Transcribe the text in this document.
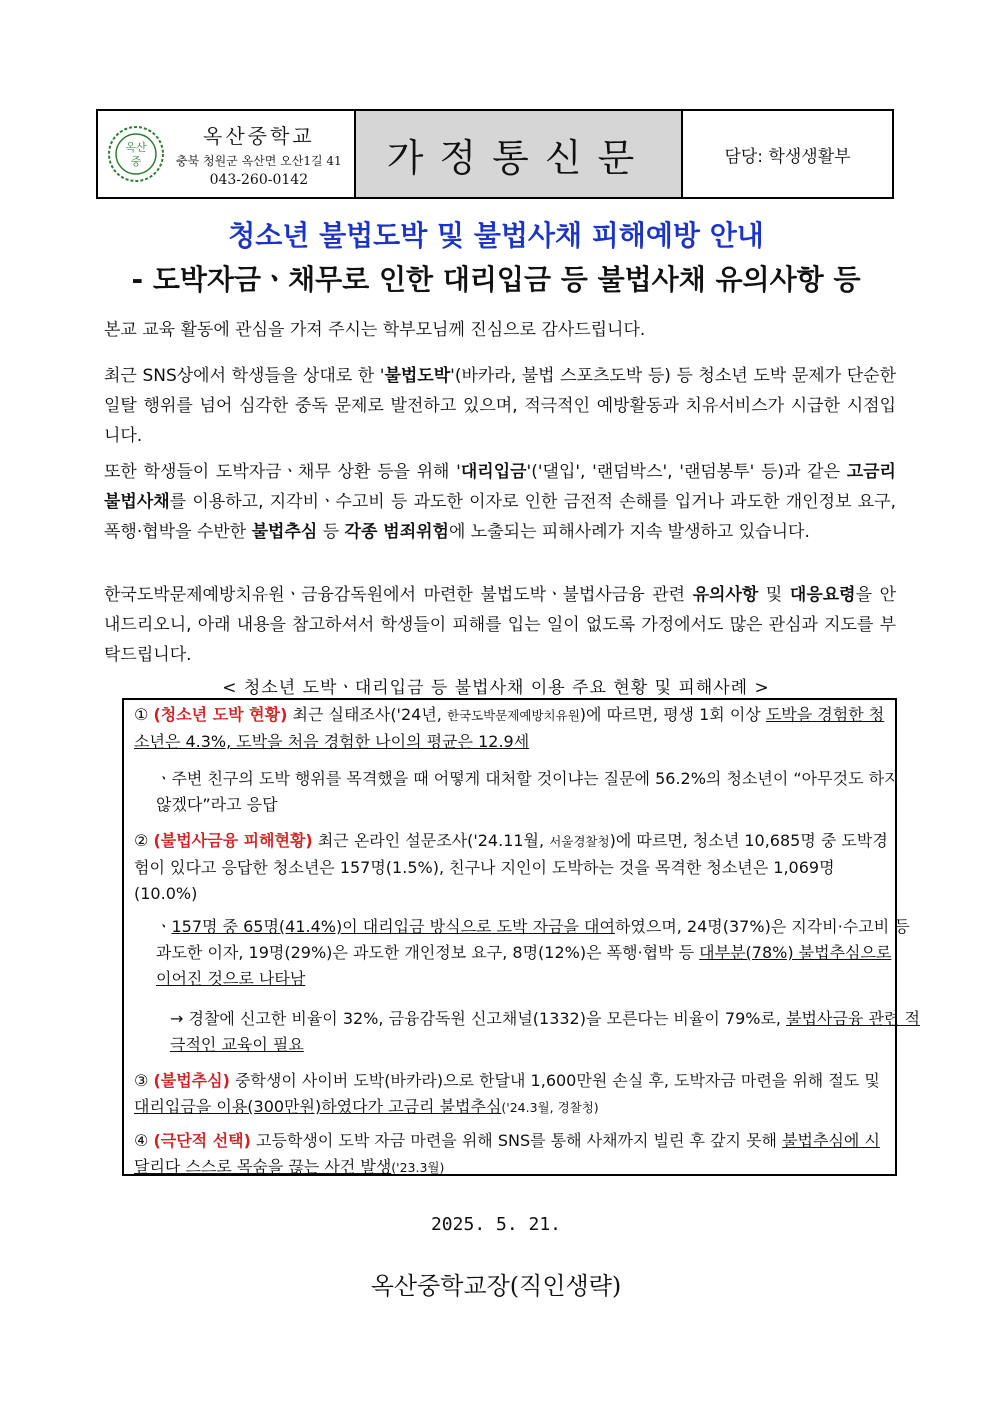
옥산
중
옥산중학교
충북 청원군 옥산면 오산1길 41
043-260-0142
가정통신문	담당: 학생생활부
청소년 불법도박 및 불법사채 피해예방 안내
- 도박자금ㆍ채무로 인한 대리입금 등 불법사채 유의사항 등
본교 교육 활동에 관심을 가져 주시는 학부모님께 진심으로 감사드립니다.
최근 SNS상에서 학생들을 상대로 한 '불법도박'(바카라, 불법 스포츠도박 등) 등 청소년 도박 문제가 단순한 일탈 행위를 넘어 심각한 중독 문제로 발전하고 있으며, 적극적인 예방활동과 치유서비스가 시급한 시점입니다.
또한 학생들이 도박자금ㆍ채무 상환 등을 위해 '대리입금'('댈입', '랜덤박스', '랜덤봉투' 등)과 같은 고금리 불법사채를 이용하고, 지각비ㆍ수고비 등 과도한 이자로 인한 금전적 손해를 입거나 과도한 개인정보 요구, 폭행·협박을 수반한 불법추심 등 각종 범죄위험에 노출되는 피해사례가 지속 발생하고 있습니다.
한국도박문제예방치유원ㆍ금융감독원에서 마련한 불법도박ㆍ불법사금융 관련 유의사항 및 대응요령을 안내드리오니, 아래 내용을 참고하셔서 학생들이 피해를 입는 일이 없도록 가정에서도 많은 관심과 지도를 부탁드립니다.
< 청소년 도박ㆍ대리입금 등 불법사채 이용 주요 현황 및 피해사례 >
① (청소년 도박 현황) 최근 실태조사('24년, 한국도박문제예방치유원)에 따르면, 평생 1회 이상 도박을 경험한 청소년은 4.3%, 도박을 처음 경험한 나이의 평균은 12.9세
ㆍ주변 친구의 도박 행위를 목격했을 때 어떻게 대처할 것이냐는 질문에 56.2%의 청소년이 “아무것도 하지 않겠다”라고 응답
② (불법사금융 피해현황) 최근 온라인 설문조사('24.11월, 서울경찰청)에 따르면, 청소년 10,685명 중 도박경험이 있다고 응답한 청소년은 157명(1.5%), 친구나 지인이 도박하는 것을 목격한 청소년은 1,069명(10.0%)
ㆍ157명 중 65명(41.4%)이 대리입금 방식으로 도박 자금을 대여하였으며, 24명(37%)은 지각비·수고비 등 과도한 이자, 19명(29%)은 과도한 개인정보 요구, 8명(12%)은 폭행·협박 등 대부분(78%) 불법추심으로 이어진 것으로 나타남
→ 경찰에 신고한 비율이 32%, 금융감독원 신고채널(1332)을 모른다는 비율이 79%로, 불법사금융 관련 적극적인 교육이 필요
③ (불법추심) 중학생이 사이버 도박(바카라)으로 한달내 1,600만원 손실 후, 도박자금 마련을 위해 절도 및 대리입금을 이용(300만원)하였다가 고금리 불법추심('24.3월, 경찰청)
④ (극단적 선택) 고등학생이 도박 자금 마련을 위해 SNS를 통해 사채까지 빌린 후 갚지 못해 불법추심에 시달리다 스스로 목숨을 끊는 사건 발생('23.3월)
2025. 5. 21.
옥산중학교장(직인생략)
